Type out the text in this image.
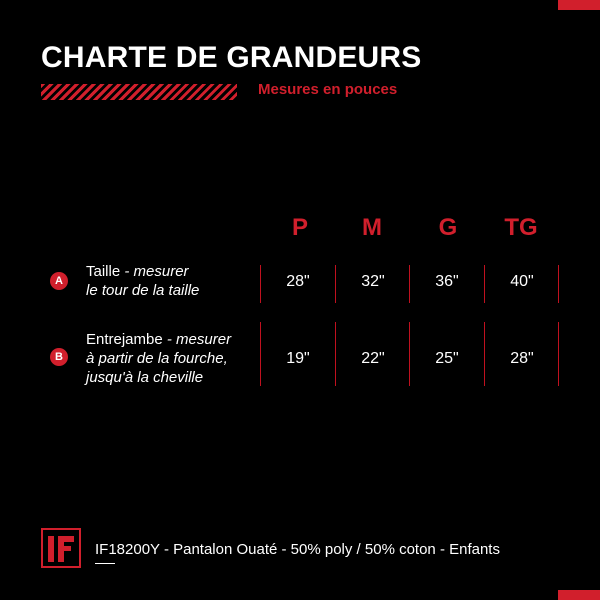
CHARTE DE GRANDEURS
Mesures en pouces
P	M	G	TG
A
Taille - mesurer
le tour de la taille
28"	32"	36"	40"
B
Entrejambe - mesurer
à partir de la fourche,
jusqu'à la cheville
19"	22"	25"	28"
IF18200Y - Pantalon Ouaté - 50% poly / 50% coton - Enfants
